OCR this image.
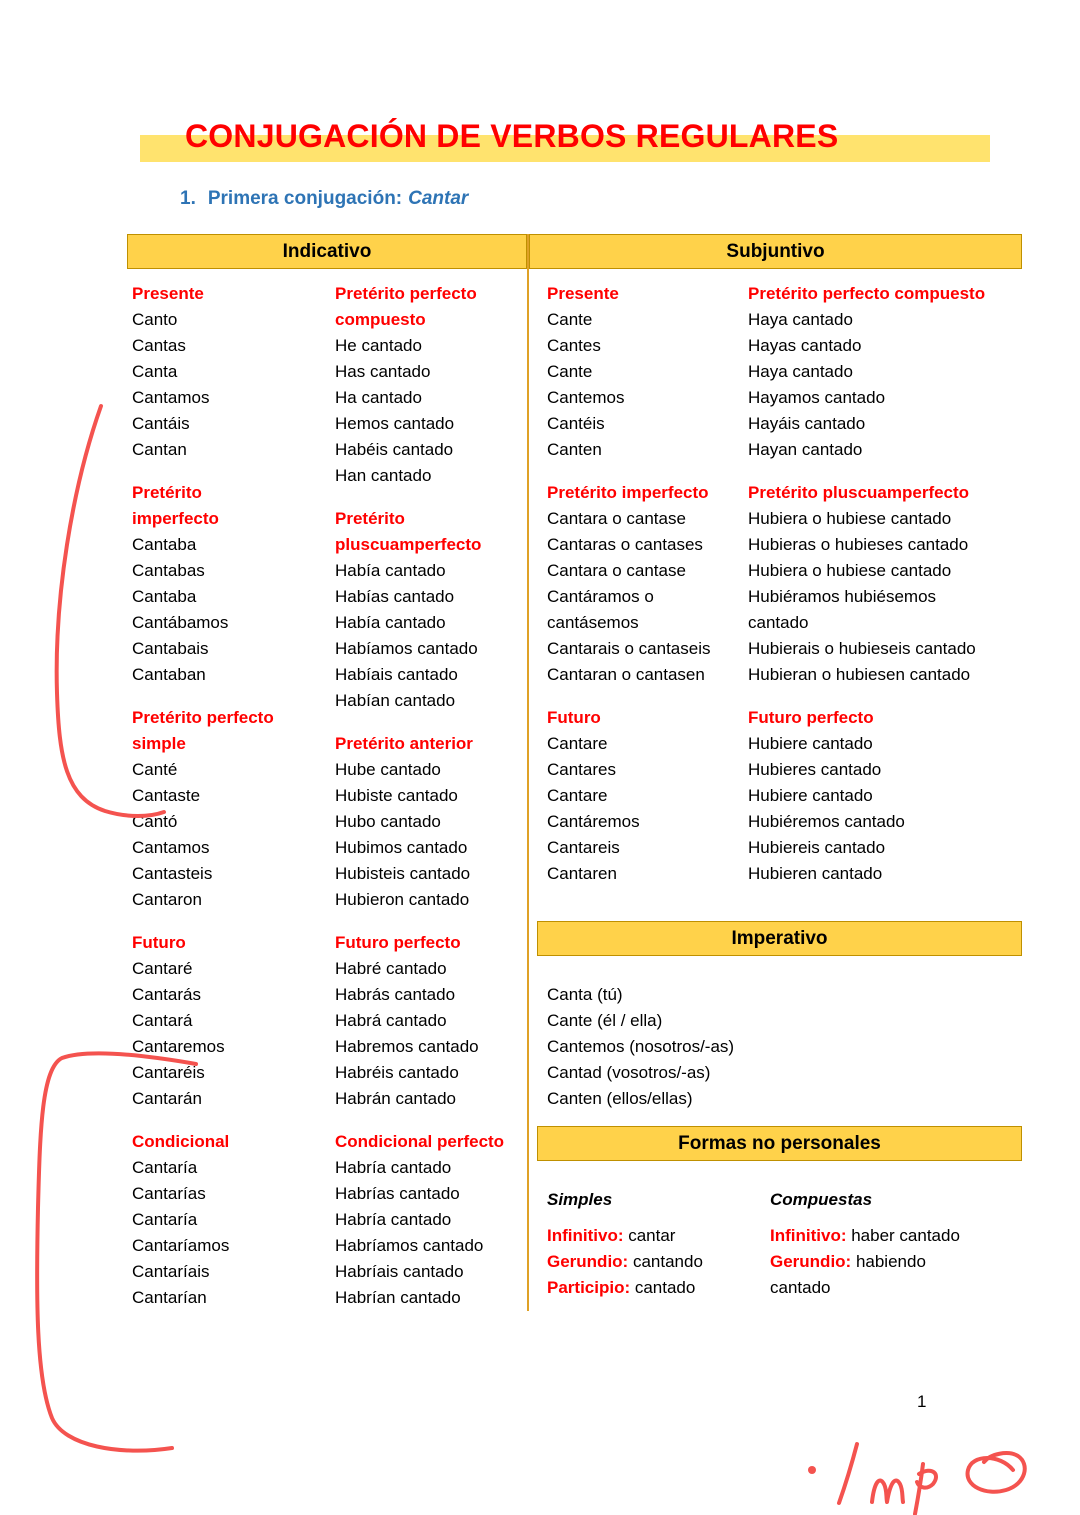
CONJUGACIÓN DE VERBOS REGULARES
1. Primera conjugación: Cantar
Indicativo
Presente
Canto
Cantas
Canta
Cantamos
Cantáis
Cantan
Pretérito imperfecto
Cantaba
Cantabas
Cantaba
Cantábamos
Cantabais
Cantaban
Pretérito perfecto simple
Canté
Cantaste
Cantó
Cantamos
Cantasteis
Cantaron
Futuro
Cantaré
Cantarás
Cantará
Cantaremos
Cantaréis
Cantarán
Condicional
Cantaría
Cantarías
Cantaría
Cantaríamos
Cantaríais
Cantarían
Pretérito perfecto compuesto
He cantado
Has cantado
Ha cantado
Hemos cantado
Habéis cantado
Han cantado
Pretérito pluscuamperfecto
Había cantado
Habías cantado
Había cantado
Habíamos cantado
Habíais cantado
Habían cantado
Pretérito anterior
Hube cantado
Hubiste cantado
Hubo cantado
Hubimos cantado
Hubisteis cantado
Hubieron cantado
Futuro perfecto
Habré cantado
Habrás cantado
Habrá cantado
Habremos cantado
Habréis cantado
Habrán cantado
Condicional perfecto
Habría cantado
Habrías cantado
Habría cantado
Habríamos cantado
Habríais cantado
Habrían cantado
Subjuntivo
Presente
Cante
Cantes
Cante
Cantemos
Cantéis
Canten
Pretérito imperfecto
Cantara o cantase
Cantaras o cantases
Cantara o cantase
Cantáramos o cantásemos
Cantarais o cantaseis
Cantaran o cantasen
Futuro
Cantare
Cantares
Cantare
Cantáremos
Cantareis
Cantaren
Pretérito perfecto compuesto
Haya cantado
Hayas cantado
Haya cantado
Hayamos cantado
Hayáis cantado
Hayan cantado
Pretérito pluscuamperfecto
Hubiera o hubiese cantado
Hubieras o hubieses cantado
Hubiera o hubiese cantado
Hubiéramos hubiésemos cantado
Hubierais o hubieseis cantado
Hubieran o hubiesen cantado
Futuro perfecto
Hubiere cantado
Hubieres cantado
Hubiere cantado
Hubiéremos cantado
Hubiereis cantado
Hubieren cantado
Imperativo
Canta (tú)
Cante (él / ella)
Cantemos (nosotros/-as)
Cantad (vosotros/-as)
Canten (ellos/ellas)
Formas no personales
Simples
Infinitivo: cantar
Gerundio: cantando
Participio: cantado
Compuestas
Infinitivo: haber cantado
Gerundio: habiendo cantado
1
